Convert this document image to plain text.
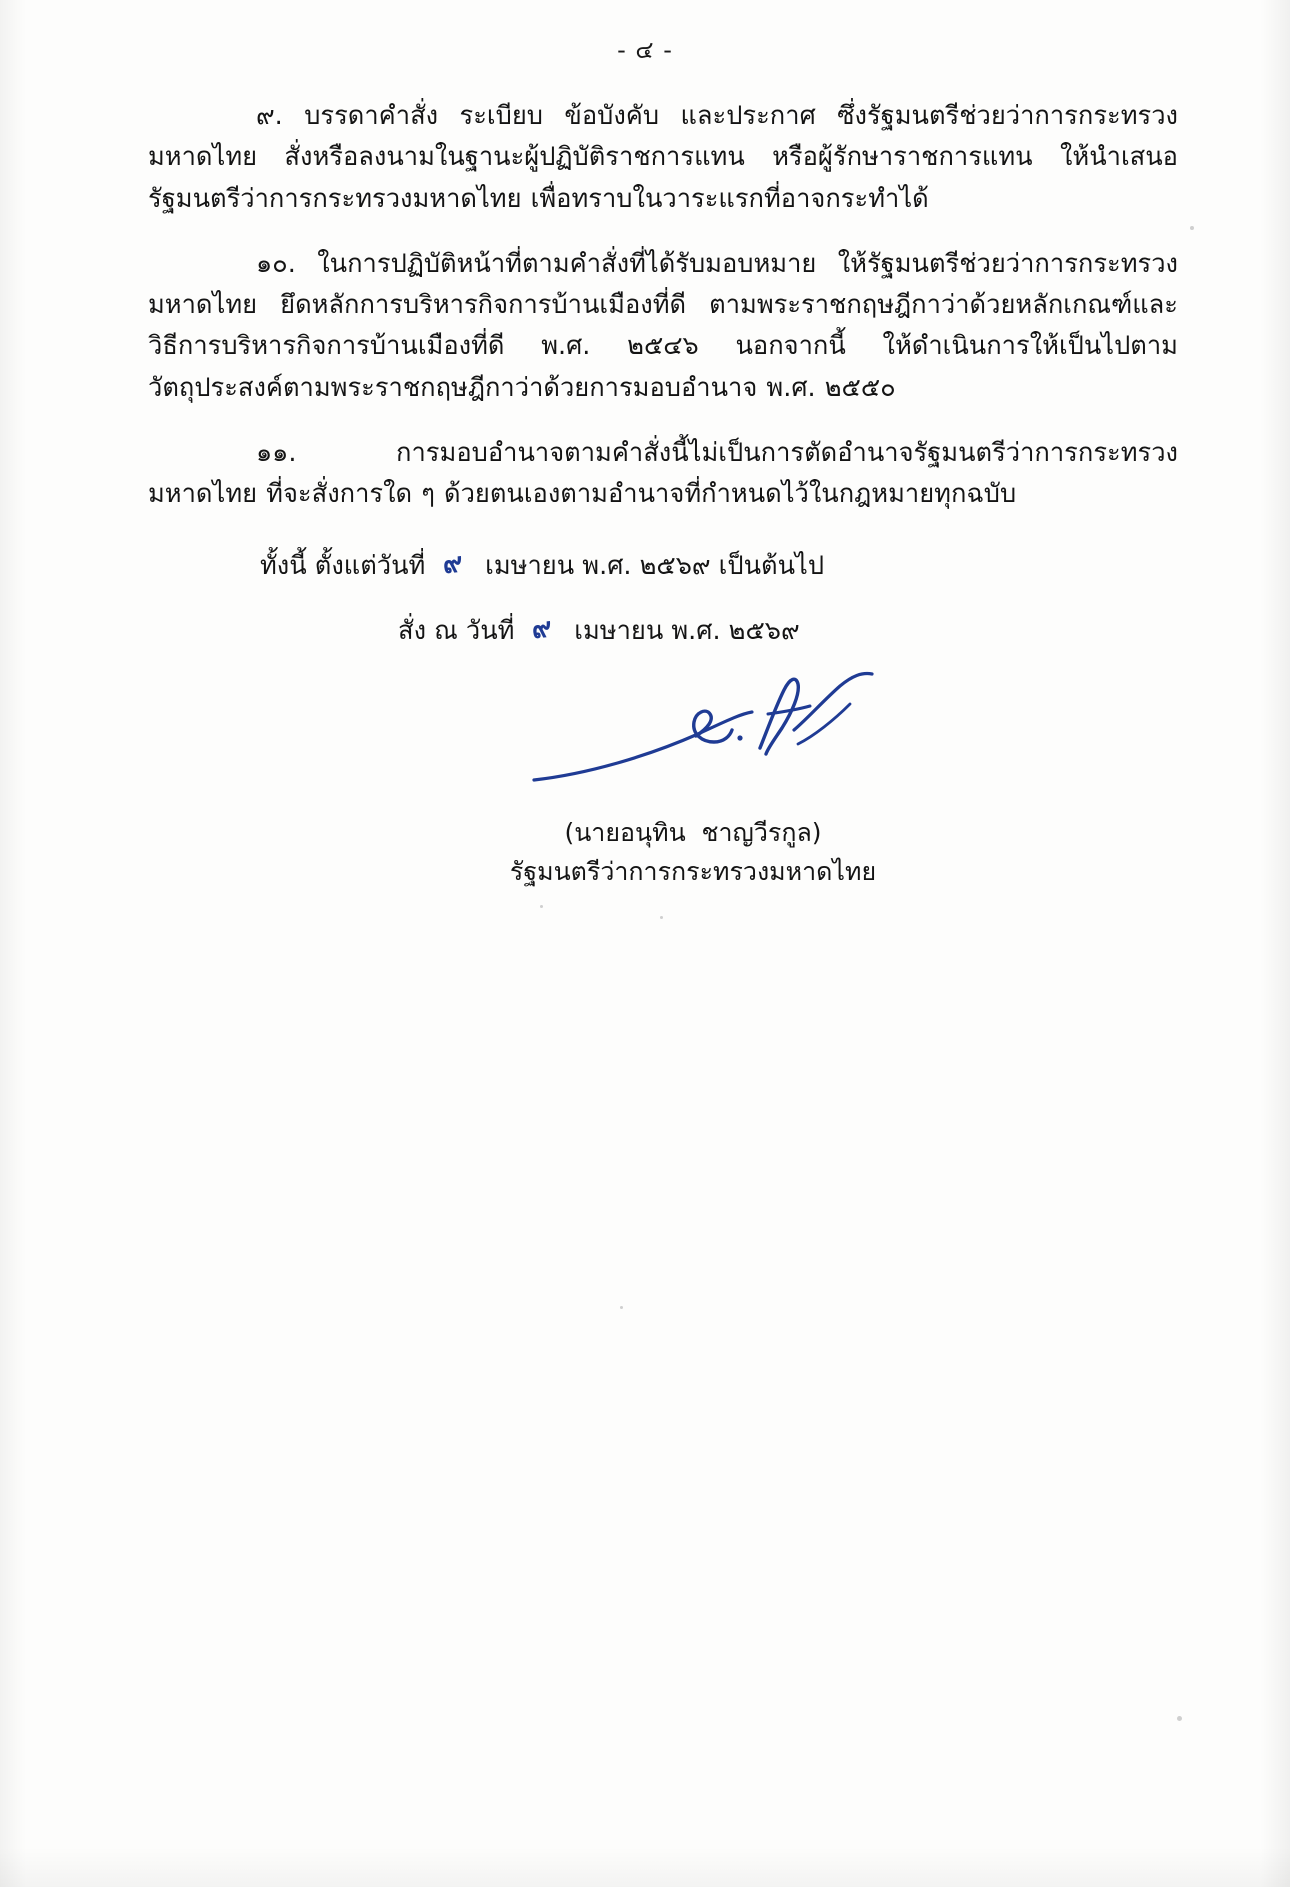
- ๔ -

๙. บรรดาคำสั่ง ระเบียบ ข้อบังคับ และประกาศ ซึ่งรัฐมนตรีช่วยว่าการกระทรวงมหาดไทย สั่งหรือลงนามในฐานะผู้ปฏิบัติราชการแทน หรือผู้รักษาราชการแทน ให้นำเสนอรัฐมนตรีว่าการกระทรวงมหาดไทย เพื่อทราบในวาระแรกที่อาจกระทำได้

๑๐. ในการปฏิบัติหน้าที่ตามคำสั่งที่ได้รับมอบหมาย ให้รัฐมนตรีช่วยว่าการกระทรวงมหาดไทย ยึดหลักการบริหารกิจการบ้านเมืองที่ดี ตามพระราชกฤษฎีกาว่าด้วยหลักเกณฑ์และวิธีการบริหารกิจการบ้านเมืองที่ดี พ.ศ. ๒๕๔๖ นอกจากนี้ ให้ดำเนินการให้เป็นไปตามวัตถุประสงค์ตามพระราชกฤษฎีกาว่าด้วยการมอบอำนาจ พ.ศ. ๒๕๕๐

๑๑. การมอบอำนาจตามคำสั่งนี้ไม่เป็นการตัดอำนาจรัฐมนตรีว่าการกระทรวงมหาดไทย ที่จะสั่งการใด ๆ ด้วยตนเองตามอำนาจที่กำหนดไว้ในกฎหมายทุกฉบับ

ทั้งนี้ ตั้งแต่วันที่ ๙ เมษายน พ.ศ. ๒๕๖๙ เป็นต้นไป
สั่ง ณ วันที่ ๙ เมษายน พ.ศ. ๒๕๖๙
(นายอนุทิน  ชาญวีรกูล)
รัฐมนตรีว่าการกระทรวงมหาดไทย
